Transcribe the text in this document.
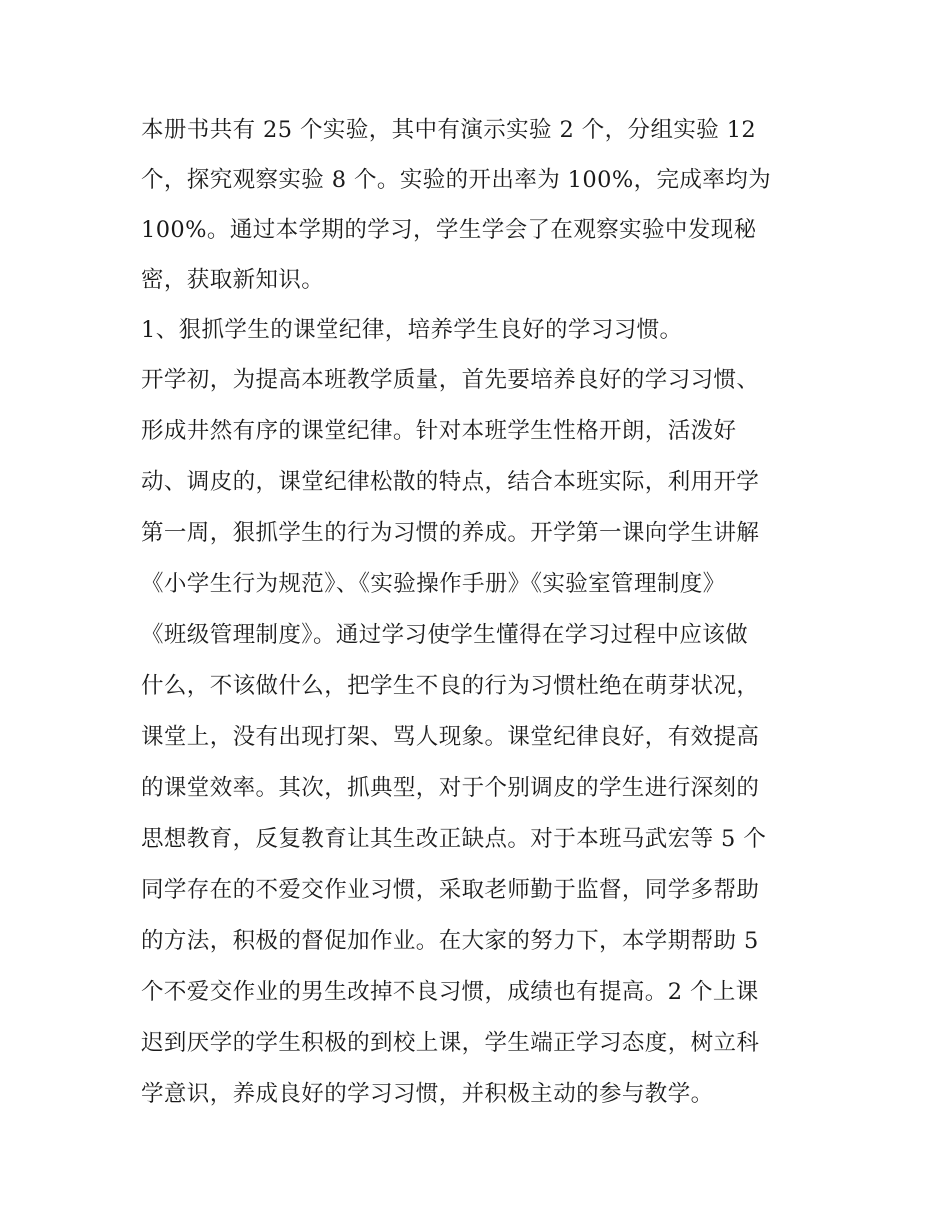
本册书共有 25 个实验，其中有演示实验 2 个，分组实验 12
个，探究观察实验 8 个。实验的开出率为 100%，完成率均为
100%。通过本学期的学习，学生学会了在观察实验中发现秘
密，获取新知识。
1、狠抓学生的课堂纪律，培养学生良好的学习习惯。
开学初，为提高本班教学质量，首先要培养良好的学习习惯、
形成井然有序的课堂纪律。针对本班学生性格开朗，活泼好
动、调皮的，课堂纪律松散的特点，结合本班实际，利用开学
第一周，狠抓学生的行为习惯的养成。开学第一课向学生讲解
《小学生行为规范》、《实验操作手册》《实验室管理制度》
《班级管理制度》。通过学习使学生懂得在学习过程中应该做
什么，不该做什么，把学生不良的行为习惯杜绝在萌芽状况，
课堂上，没有出现打架、骂人现象。课堂纪律良好，有效提高
的课堂效率。其次，抓典型，对于个别调皮的学生进行深刻的
思想教育，反复教育让其生改正缺点。对于本班马武宏等 5 个
同学存在的不爱交作业习惯，采取老师勤于监督，同学多帮助
的方法，积极的督促加作业。在大家的努力下，本学期帮助 5
个不爱交作业的男生改掉不良习惯，成绩也有提高。2 个上课
迟到厌学的学生积极的到校上课，学生端正学习态度，树立科
学意识，养成良好的学习习惯，并积极主动的参与教学。
